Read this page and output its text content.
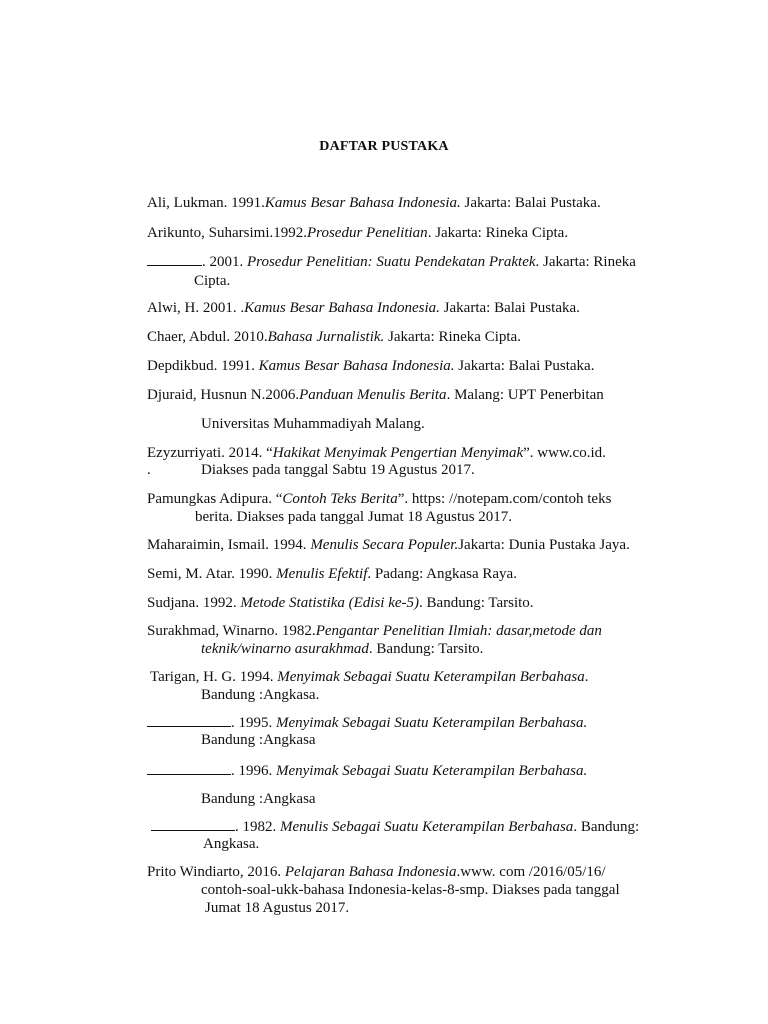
DAFTAR PUSTAKA
Ali, Lukman. 1991.Kamus Besar Bahasa Indonesia. Jakarta: Balai Pustaka.
Arikunto, Suharsimi.1992.Prosedur Penelitian. Jakarta: Rineka Cipta.
. 2001. Prosedur Penelitian: Suatu Pendekatan Praktek. Jakarta: Rineka
Cipta.
Alwi, H. 2001. .Kamus Besar Bahasa Indonesia. Jakarta: Balai Pustaka.
Chaer, Abdul. 2010.Bahasa Jurnalistik. Jakarta: Rineka Cipta.
Depdikbud. 1991. Kamus Besar Bahasa Indonesia. Jakarta: Balai Pustaka.
Djuraid, Husnun N.2006.Panduan Menulis Berita. Malang: UPT Penerbitan
Universitas Muhammadiyah Malang.
Ezyzurriyati. 2014. “Hakikat Menyimak Pengertian Menyimak”. www.co.id.
.	Diakses pada tanggal Sabtu 19 Agustus 2017.
Pamungkas Adipura. “Contoh Teks Berita”. https: //notepam.com/contoh teks
berita. Diakses pada tanggal Jumat 18 Agustus 2017.
Maharaimin, Ismail. 1994. Menulis Secara Populer.Jakarta: Dunia Pustaka Jaya.
Semi, M. Atar. 1990. Menulis Efektif. Padang: Angkasa Raya.
Sudjana. 1992. Metode Statistika (Edisi ke-5). Bandung: Tarsito.
Surakhmad, Winarno. 1982.Pengantar Penelitian Ilmiah: dasar,metode dan
teknik/winarno asurakhmad. Bandung: Tarsito.
Tarigan, H. G. 1994. Menyimak Sebagai Suatu Keterampilan Berbahasa.
Bandung :Angkasa.
. 1995. Menyimak Sebagai Suatu Keterampilan Berbahasa.
Bandung :Angkasa
. 1996. Menyimak Sebagai Suatu Keterampilan Berbahasa.
Bandung :Angkasa
. 1982. Menulis Sebagai Suatu Keterampilan Berbahasa. Bandung:
Angkasa.
Prito Windiarto, 2016. Pelajaran Bahasa Indonesia.www. com /2016/05/16/
contoh-soal-ukk-bahasa Indonesia-kelas-8-smp. Diakses pada tanggal
Jumat 18 Agustus 2017.
